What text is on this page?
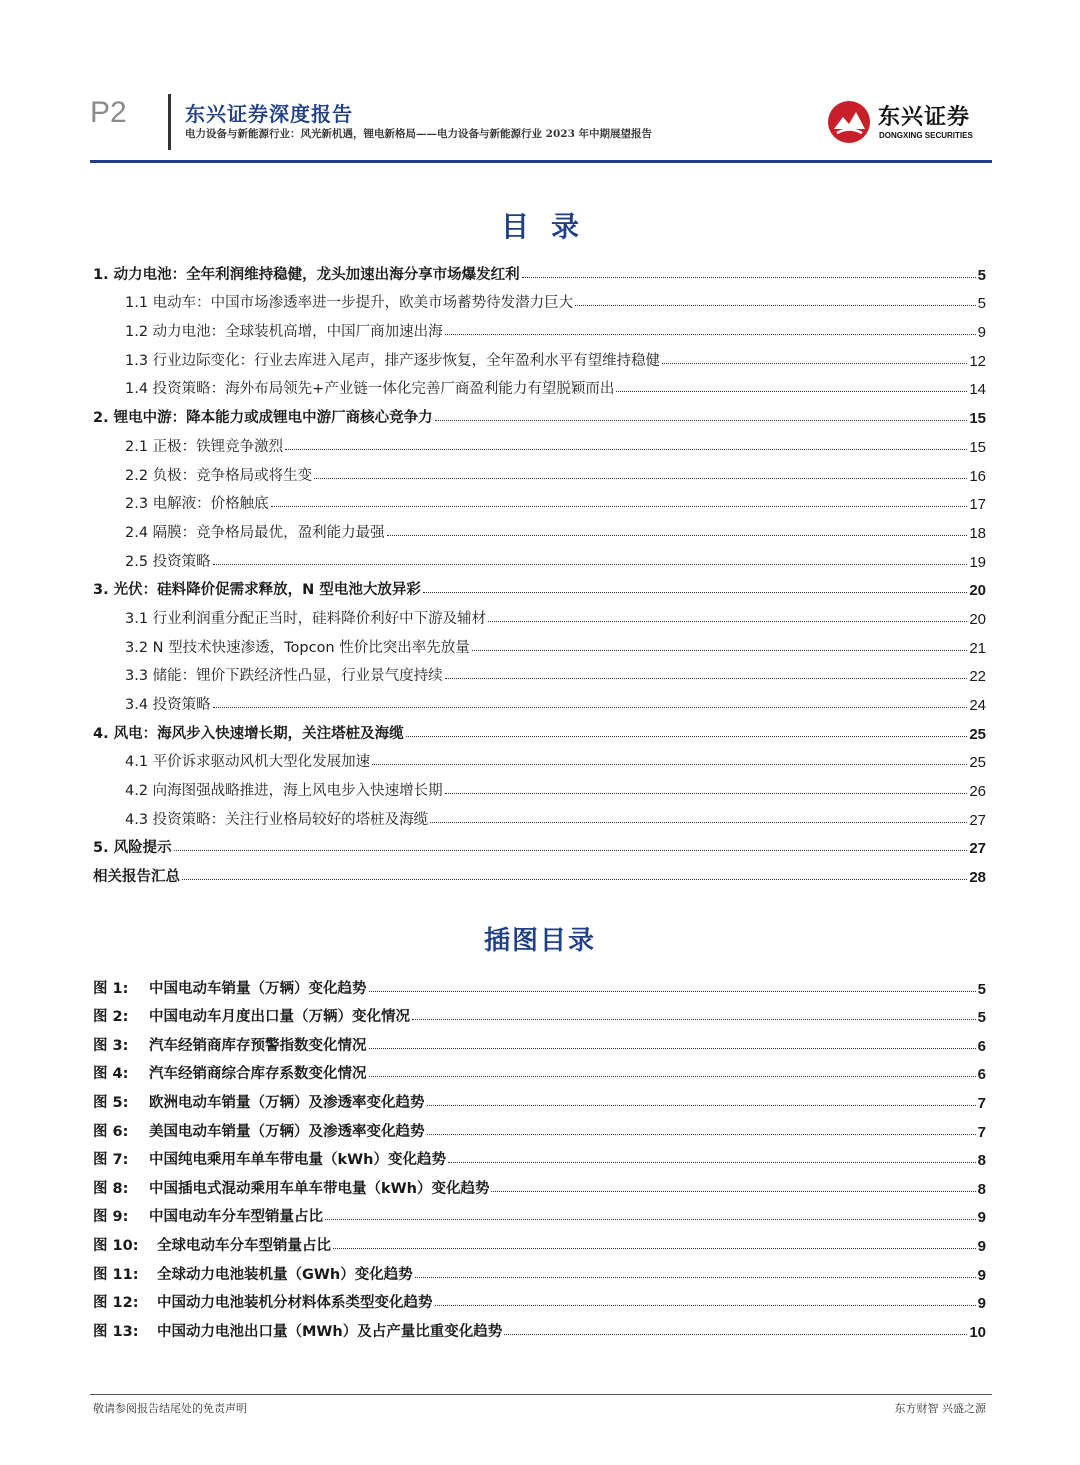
P2	东兴证券深度报告
电力设备与新能源行业：风光新机遇，锂电新格局——电力设备与新能源行业 2023 年中期展望报告
东兴证券
DONGXING SECURITIES
目录
1. 动力电池：全年利润维持稳健，龙头加速出海分享市场爆发红利	5
1.1 电动车：中国市场渗透率进一步提升，欧美市场蓄势待发潜力巨大	5
1.2 动力电池：全球装机高增，中国厂商加速出海	9
1.3 行业边际变化：行业去库进入尾声，排产逐步恢复，全年盈利水平有望维持稳健	12
1.4 投资策略：海外布局领先+产业链一体化完善厂商盈利能力有望脱颖而出	14
2. 锂电中游：降本能力或成锂电中游厂商核心竞争力	15
2.1 正极：铁锂竞争激烈	15
2.2 负极：竞争格局或将生变	16
2.3 电解液：价格触底	17
2.4 隔膜：竞争格局最优，盈利能力最强	18
2.5 投资策略	19
3. 光伏：硅料降价促需求释放，N 型电池大放异彩	20
3.1 行业利润重分配正当时，硅料降价利好中下游及辅材	20
3.2 N 型技术快速渗透，Topcon 性价比突出率先放量	21
3.3 储能：锂价下跌经济性凸显，行业景气度持续	22
3.4 投资策略	24
4. 风电：海风步入快速增长期，关注塔桩及海缆	25
4.1 平价诉求驱动风机大型化发展加速	25
4.2 向海图强战略推进，海上风电步入快速增长期	26
4.3 投资策略：关注行业格局较好的塔桩及海缆	27
5. 风险提示	27
相关报告汇总	28
插图目录
图 1: 中国电动车销量（万辆）变化趋势	5
图 2: 中国电动车月度出口量（万辆）变化情况	5
图 3: 汽车经销商库存预警指数变化情况	6
图 4: 汽车经销商综合库存系数变化情况	6
图 5: 欧洲电动车销量（万辆）及渗透率变化趋势	7
图 6: 美国电动车销量（万辆）及渗透率变化趋势	7
图 7: 中国纯电乘用车单车带电量（kWh）变化趋势	8
图 8: 中国插电式混动乘用车单车带电量（kWh）变化趋势	8
图 9: 中国电动车分车型销量占比	9
图 10: 全球电动车分车型销量占比	9
图 11: 全球动力电池装机量（GWh）变化趋势	9
图 12: 中国动力电池装机分材料体系类型变化趋势	9
图 13: 中国动力电池出口量（MWh）及占产量比重变化趋势	10
敬请参阅报告结尾处的免责声明	东方财智 兴盛之源
